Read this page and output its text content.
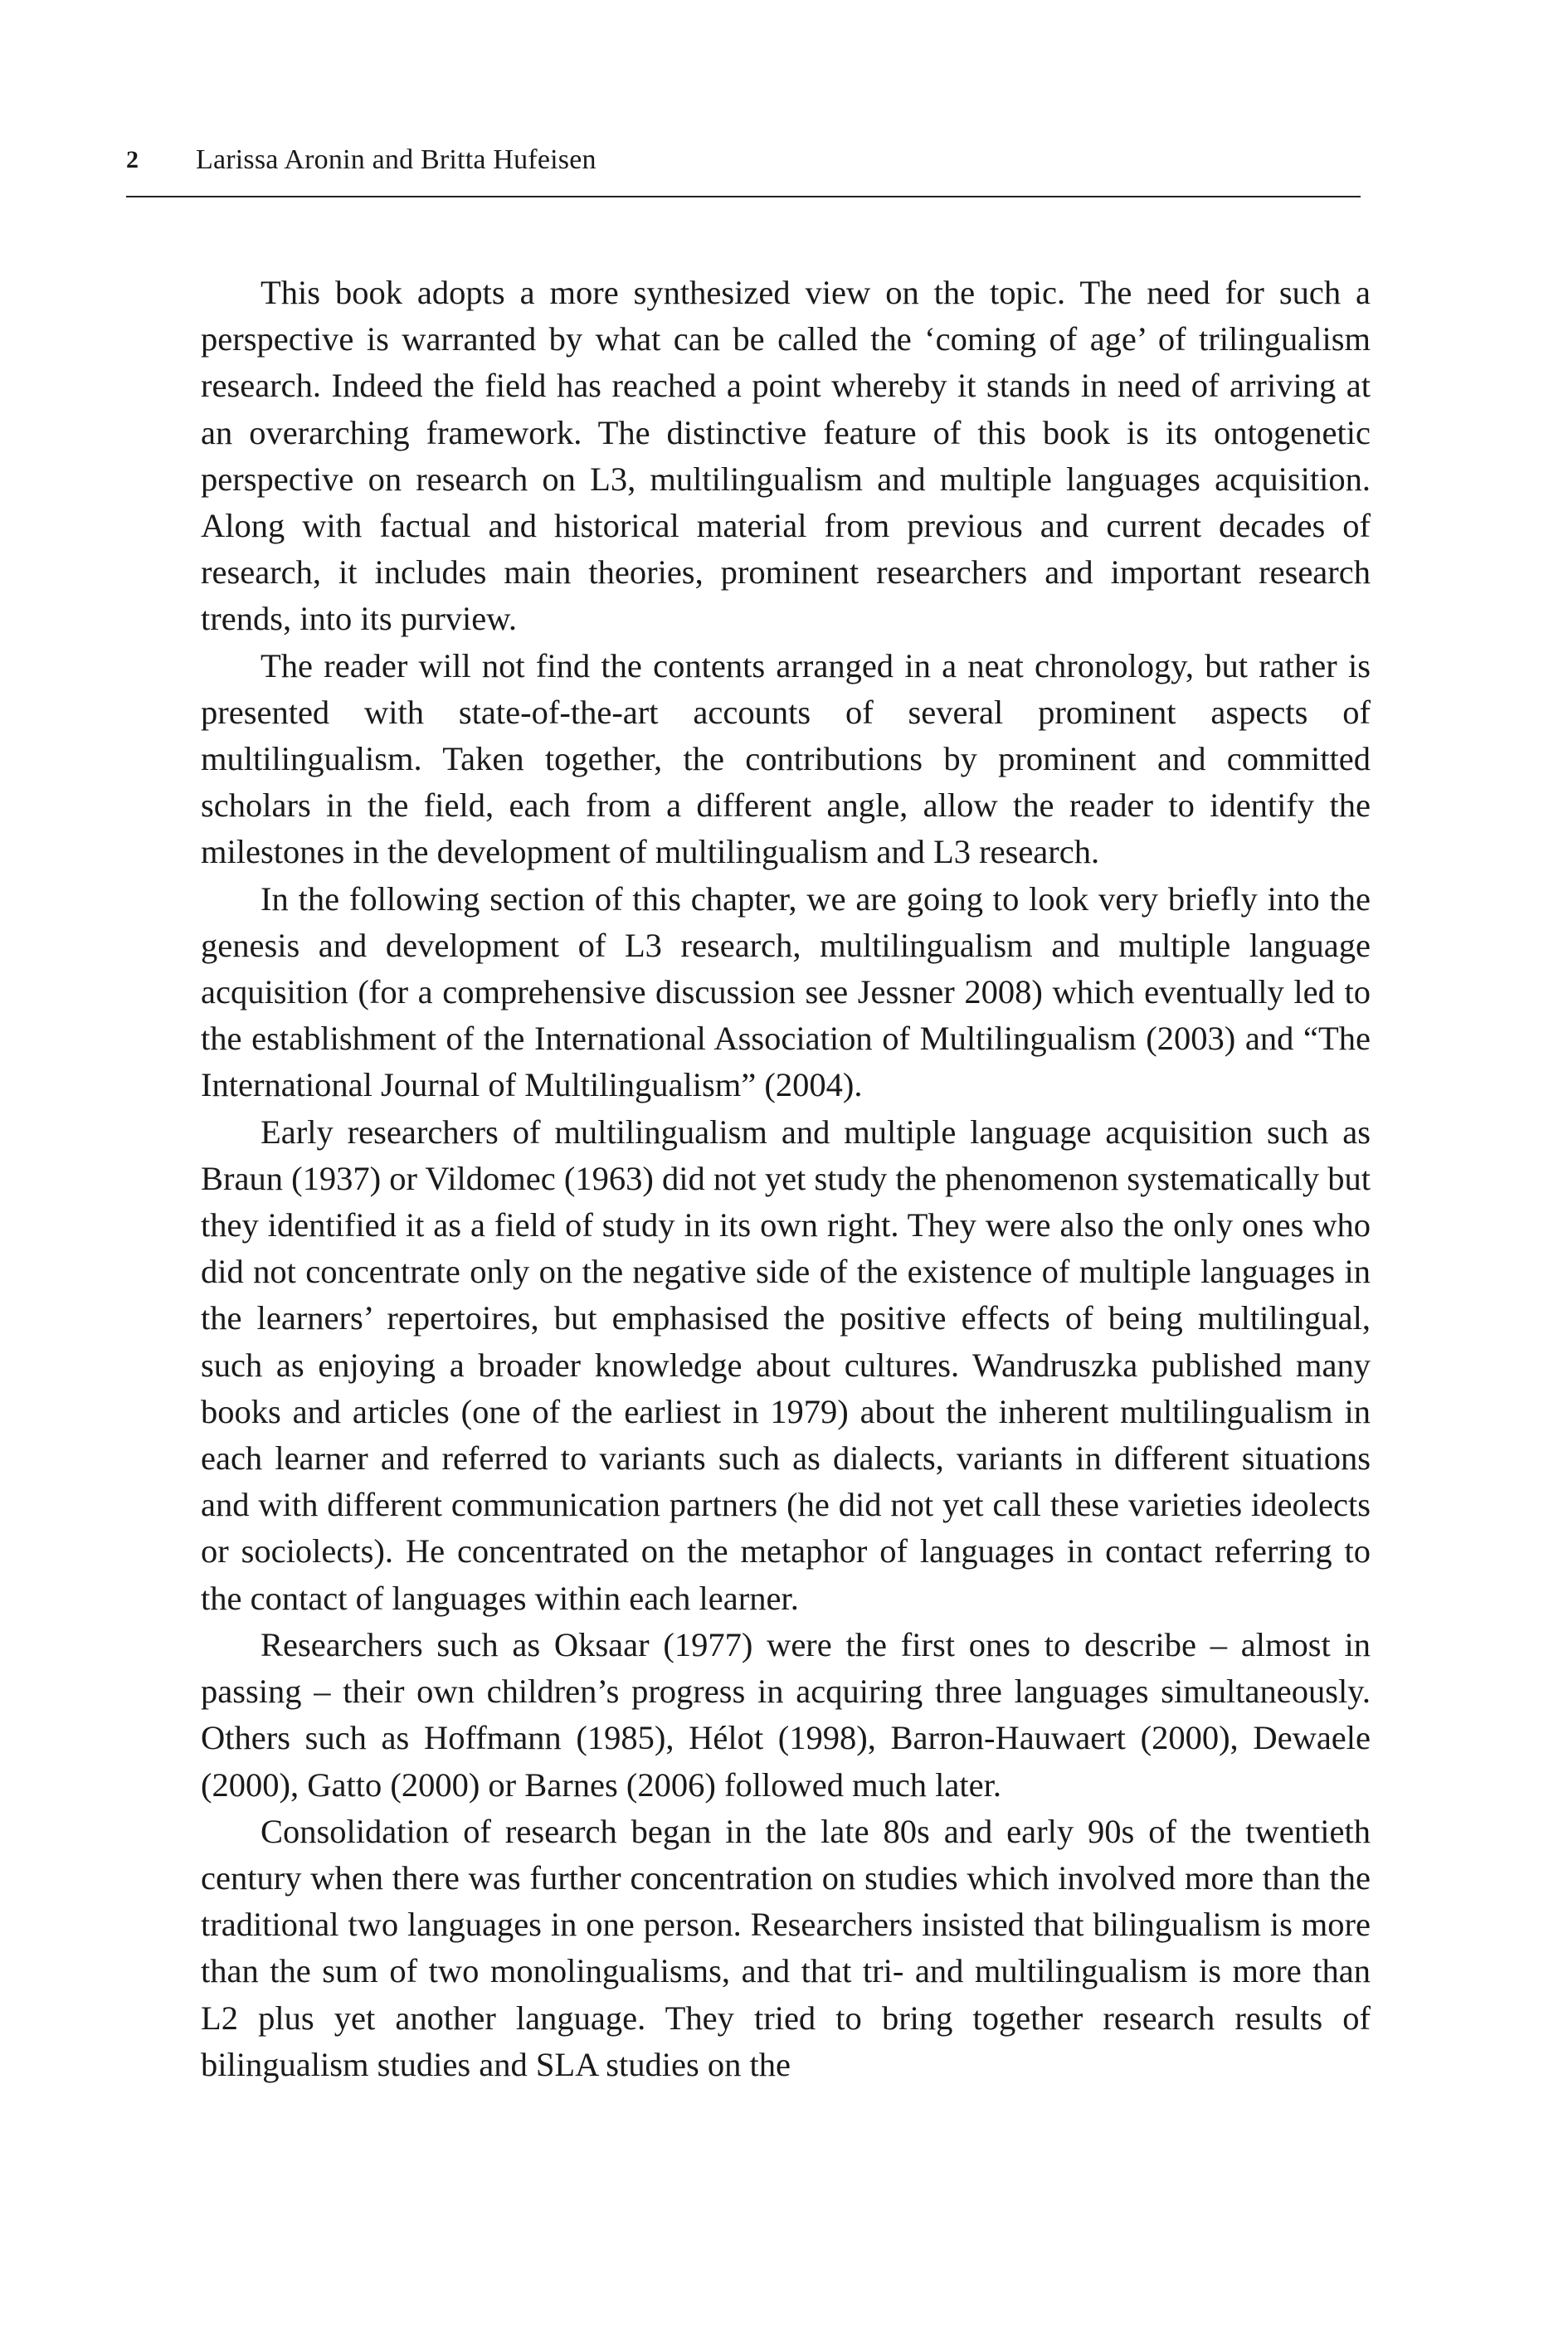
2 Larissa Aronin and Britta Hufeisen

This book adopts a more synthesized view on the topic. The need for such a perspective is warranted by what can be called the ‘coming of age’ of trilingualism research. Indeed the field has reached a point whereby it stands in need of arriving at an overarching framework. The distinctive feature of this book is its ontogenetic perspective on research on L3, multilingualism and multiple languages acquisition. Along with factual and historical material from previous and current decades of research, it includes main theories, prominent researchers and important research trends, into its purview.

The reader will not find the contents arranged in a neat chronology, but rather is presented with state-of-the-art accounts of several prominent aspects of multilingualism. Taken together, the contributions by prominent and committed scholars in the field, each from a different angle, allow the reader to identify the milestones in the development of multilingualism and L3 research.

In the following section of this chapter, we are going to look very briefly into the genesis and development of L3 research, multilingualism and multiple language acquisition (for a comprehensive discussion see Jessner 2008) which eventually led to the establishment of the International Association of Multilingualism (2003) and “The International Journal of Multilingualism” (2004).

Early researchers of multilingualism and multiple language acquisition such as Braun (1937) or Vildomec (1963) did not yet study the phenomenon systematically but they identified it as a field of study in its own right. They were also the only ones who did not concentrate only on the negative side of the existence of multiple languages in the learners’ repertoires, but emphasised the positive effects of being multilingual, such as enjoying a broader knowledge about cultures. Wandruszka published many books and articles (one of the earliest in 1979) about the inherent multilingualism in each learner and referred to variants such as dialects, variants in different situations and with different communication partners (he did not yet call these varieties ideolects or sociolects). He concentrated on the metaphor of languages in contact referring to the contact of languages within each learner.

Researchers such as Oksaar (1977) were the first ones to describe – almost in passing – their own children’s progress in acquiring three languages simultaneously. Others such as Hoffmann (1985), Hélot (1998), Barron-Hauwaert (2000), Dewaele (2000), Gatto (2000) or Barnes (2006) followed much later.

Consolidation of research began in the late 80s and early 90s of the twentieth century when there was further concentration on studies which involved more than the traditional two languages in one person. Researchers insisted that bilingualism is more than the sum of two monolingualisms, and that tri- and multilingualism is more than L2 plus yet another language. They tried to bring together research results of bilingualism studies and SLA studies on the
